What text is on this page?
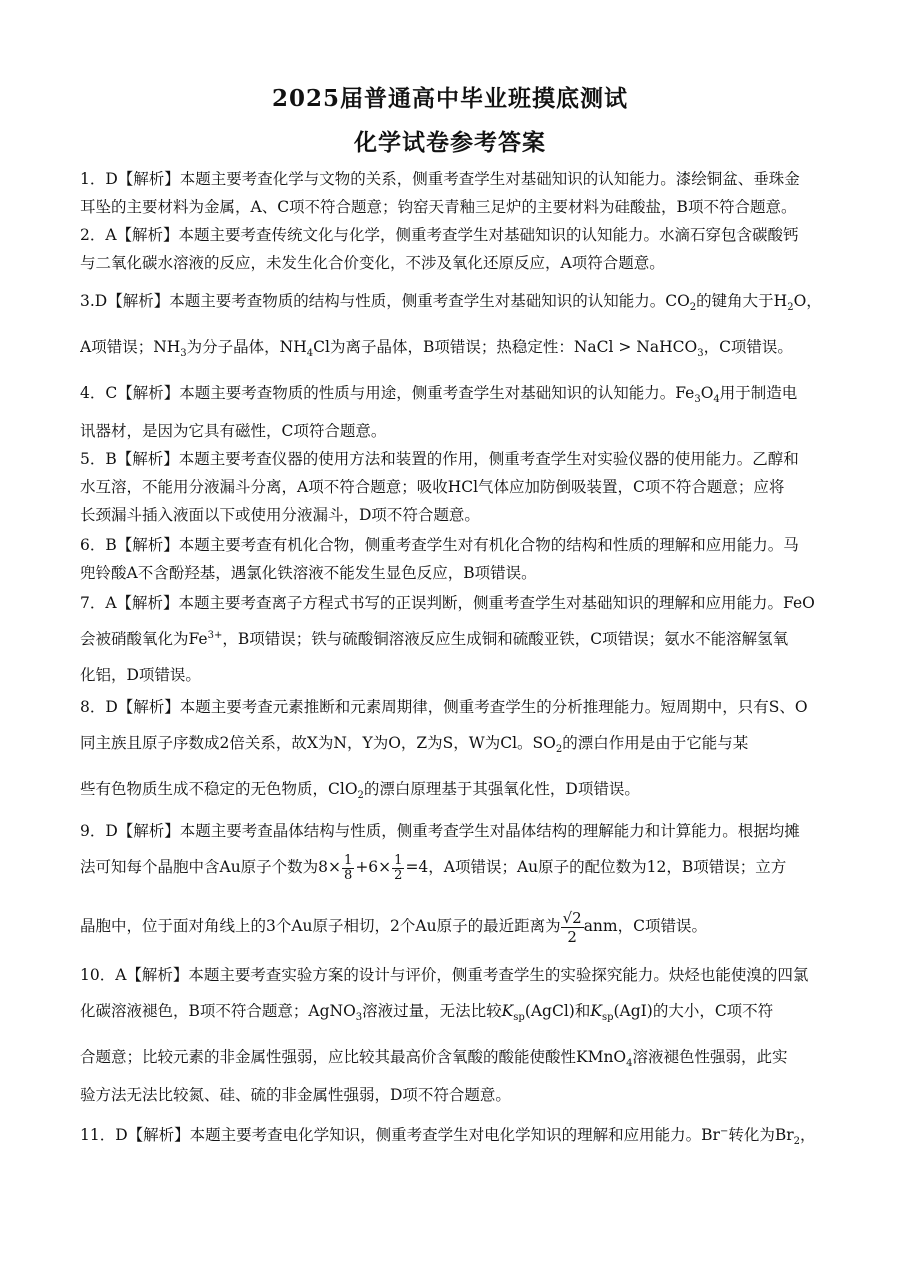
2025届普通高中毕业班摸底测试
化学试卷参考答案
1．D【解析】本题主要考查化学与文物的关系，侧重考查学生对基础知识的认知能力。漆绘铜盆、垂珠金
耳坠的主要材料为金属，A、C项不符合题意；钧窑天青釉三足炉的主要材料为硅酸盐，B项不符合题意。
2．A【解析】本题主要考查传统文化与化学，侧重考查学生对基础知识的认知能力。水滴石穿包含碳酸钙
与二氧化碳水溶液的反应，未发生化合价变化，不涉及氧化还原反应，A项符合题意。
3.D【解析】本题主要考查物质的结构与性质，侧重考查学生对基础知识的认知能力。$CO_2$的键角大于$H_2O$，
A项错误；$NH_3$为分子晶体，$NH_4Cl$为离子晶体，B项错误；热稳定性：NaCl > NaHCO$_3$，C项错误。
4．C【解析】本题主要考查物质的性质与用途，侧重考查学生对基础知识的认知能力。$Fe_3O_4$用于制造电
讯器材，是因为它具有磁性，C项符合题意。
5．B【解析】本题主要考查仪器的使用方法和装置的作用，侧重考查学生对实验仪器的使用能力。乙醇和
水互溶，不能用分液漏斗分离，A项不符合题意；吸收HCl气体应加防倒吸装置，C项不符合题意；应将
长颈漏斗插入液面以下或使用分液漏斗，D项不符合题意。
6．B【解析】本题主要考查有机化合物，侧重考查学生对有机化合物的结构和性质的理解和应用能力。马
兜铃酸A不含酚羟基，遇氯化铁溶液不能发生显色反应，B项错误。
7．A【解析】本题主要考查离子方程式书写的正误判断，侧重考查学生对基础知识的理解和应用能力。FeO
会被硝酸氧化为$Fe^{3+}$，B项错误；铁与硫酸铜溶液反应生成铜和硫酸亚铁，C项错误；氨水不能溶解氢氧
化铝，D项错误。
8．D【解析】本题主要考查元素推断和元素周期律，侧重考查学生的分析推理能力。短周期中，只有S、O
同主族且原子序数成2倍关系，故X为N，Y为O，Z为S，W为Cl。$SO_2$的漂白作用是由于它能与某
些有色物质生成不稳定的无色物质，ClO$_2$的漂白原理基于其强氧化性，D项错误。
9．D【解析】本题主要考查晶体结构与性质，侧重考查学生对晶体结构的理解能力和计算能力。根据均摊
法可知每个晶胞中含Au原子个数为$8\times \frac{1}{8} +6\times \frac{1}{2} =4$，A项错误；Au原子的配位数为12，B项错误；立方
晶胞中，位于面对角线上的3个Au原子相切，2个Au原子的最近距离为 $\frac{√2}{2}$ anm，C项错误。
10．A【解析】本题主要考查实验方案的设计与评价，侧重考查学生的实验探究能力。炔烃也能使溴的四氯
化碳溶液褪色，B项不符合题意；AgNO$_3$溶液过量，无法比较$K_{sp}(AgCl)$和$K_{sp}(AgI)$的大小，C项不符
合题意；比较元素的非金属性强弱，应比较其最高价含氧酸的酸能使酸性KMnO$_4$溶液褪色性强弱，此实
验方法无法比较氮、硅、硫的非金属性强弱，D项不符合题意。
11．D【解析】本题主要考查电化学知识，侧重考查学生对电化学知识的理解和应用能力。Br−转化为$Br_2$，
